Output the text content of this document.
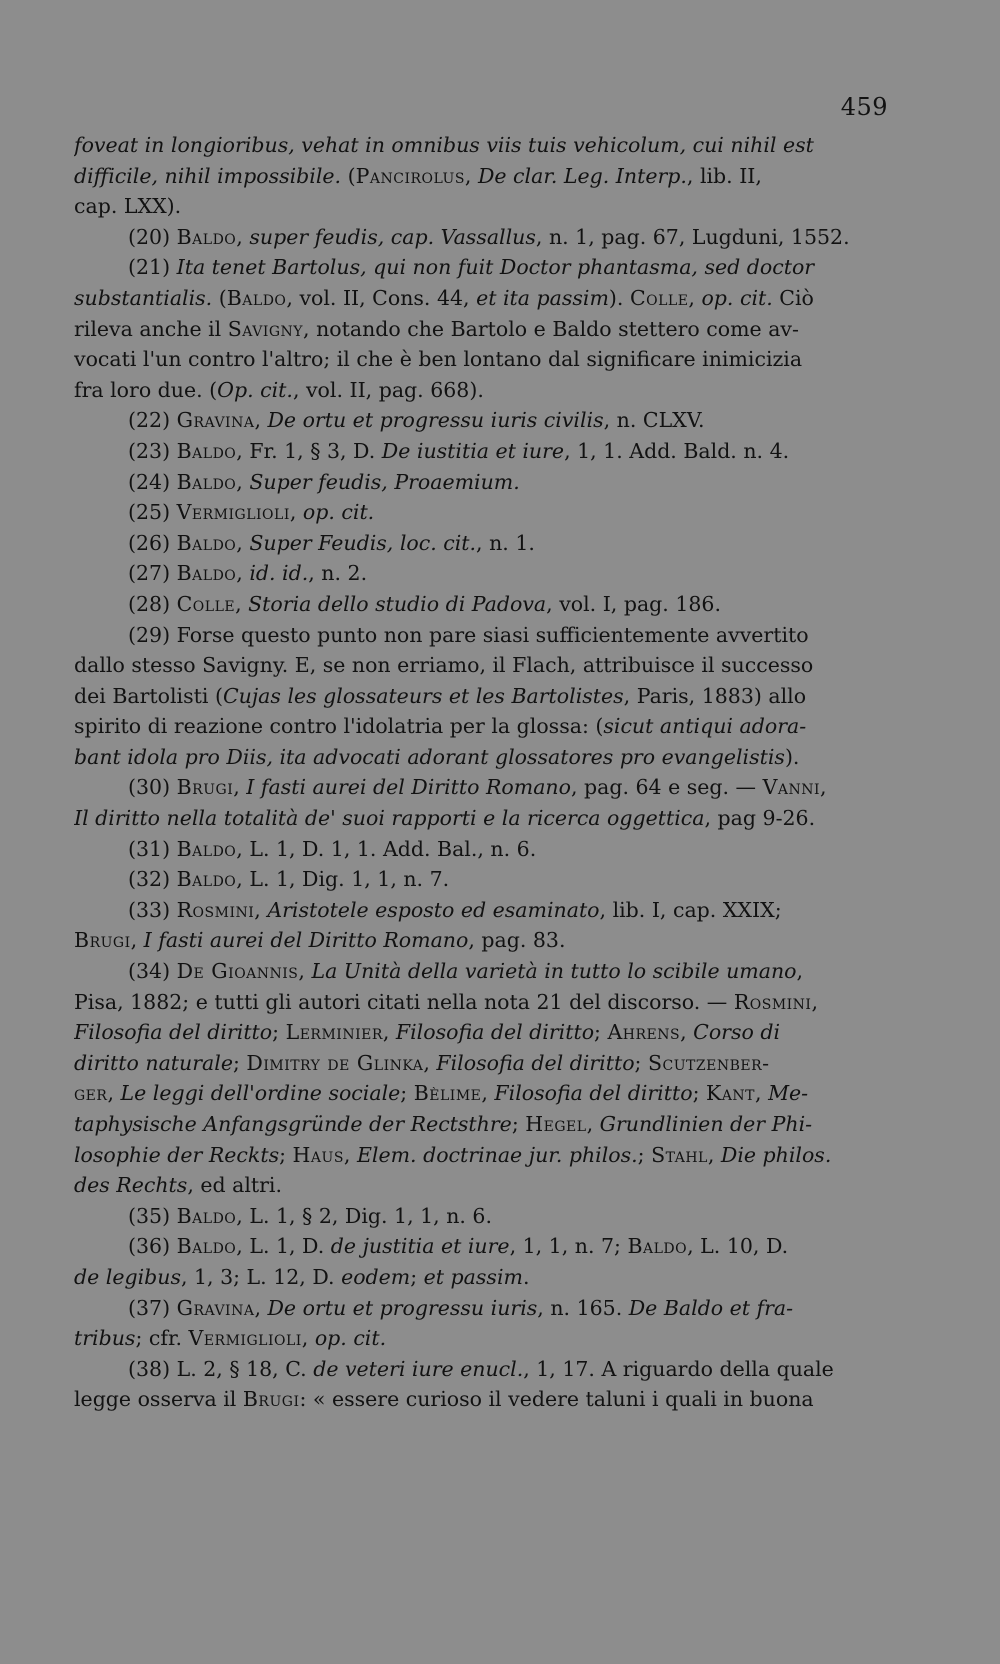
459
foveat in longioribus, vehat in omnibus viis tuis vehicolum, cui nihil est
difficile, nihil impossibile. (Pancirolus, De clar. Leg. Interp., lib. II,
cap. LXX).
(20) Baldo, super feudis, cap. Vassallus, n. 1, pag. 67, Lugduni, 1552.
(21) Ita tenet Bartolus, qui non fuit Doctor phantasma, sed doctor
substantialis. (Baldo, vol. II, Cons. 44, et ita passim). Colle, op. cit. Ciò
rileva anche il Savigny, notando che Bartolo e Baldo stettero come av-
vocati l'un contro l'altro; il che è ben lontano dal significare inimicizia
fra loro due. (Op. cit., vol. II, pag. 668).
(22) Gravina, De ortu et progressu iuris civilis, n. CLXV.
(23) Baldo, Fr. 1, § 3, D. De iustitia et iure, 1, 1. Add. Bald. n. 4.
(24) Baldo, Super feudis, Proaemium.
(25) Vermiglioli, op. cit.
(26) Baldo, Super Feudis, loc. cit., n. 1.
(27) Baldo, id. id., n. 2.
(28) Colle, Storia dello studio di Padova, vol. I, pag. 186.
(29) Forse questo punto non pare siasi sufficientemente avvertito
dallo stesso Savigny. E, se non erriamo, il Flach, attribuisce il successo
dei Bartolisti (Cujas les glossateurs et les Bartolistes, Paris, 1883) allo
spirito di reazione contro l'idolatria per la glossa: (sicut antiqui adora-
bant idola pro Diis, ita advocati adorant glossatores pro evangelistis).
(30) Brugi, I fasti aurei del Diritto Romano, pag. 64 e seg. — Vanni,
Il diritto nella totalità de' suoi rapporti e la ricerca oggettica, pag 9-26.
(31) Baldo, L. 1, D. 1, 1. Add. Bal., n. 6.
(32) Baldo, L. 1, Dig. 1, 1, n. 7.
(33) Rosmini, Aristotele esposto ed esaminato, lib. I, cap. XXIX;
Brugi, I fasti aurei del Diritto Romano, pag. 83.
(34) De Gioannis, La Unità della varietà in tutto lo scibile umano,
Pisa, 1882; e tutti gli autori citati nella nota 21 del discorso. — Rosmini,
Filosofia del diritto; Lerminier, Filosofia del diritto; Ahrens, Corso di
diritto naturale; Dimitry de Glinka, Filosofia del diritto; Scutzenber-
ger, Le leggi dell'ordine sociale; Bèlime, Filosofia del diritto; Kant, Me-
taphysische Anfangsgründe der Rectsthre; Hegel, Grundlinien der Phi-
losophie der Reckts; Haus, Elem. doctrinae jur. philos.; Stahl, Die philos.
des Rechts, ed altri.
(35) Baldo, L. 1, § 2, Dig. 1, 1, n. 6.
(36) Baldo, L. 1, D. de justitia et iure, 1, 1, n. 7; Baldo, L. 10, D.
de legibus, 1, 3; L. 12, D. eodem; et passim.
(37) Gravina, De ortu et progressu iuris, n. 165. De Baldo et fra-
tribus; cfr. Vermiglioli, op. cit.
(38) L. 2, § 18, C. de veteri iure enucl., 1, 17. A riguardo della quale
legge osserva il Brugi: « essere curioso il vedere taluni i quali in buona
